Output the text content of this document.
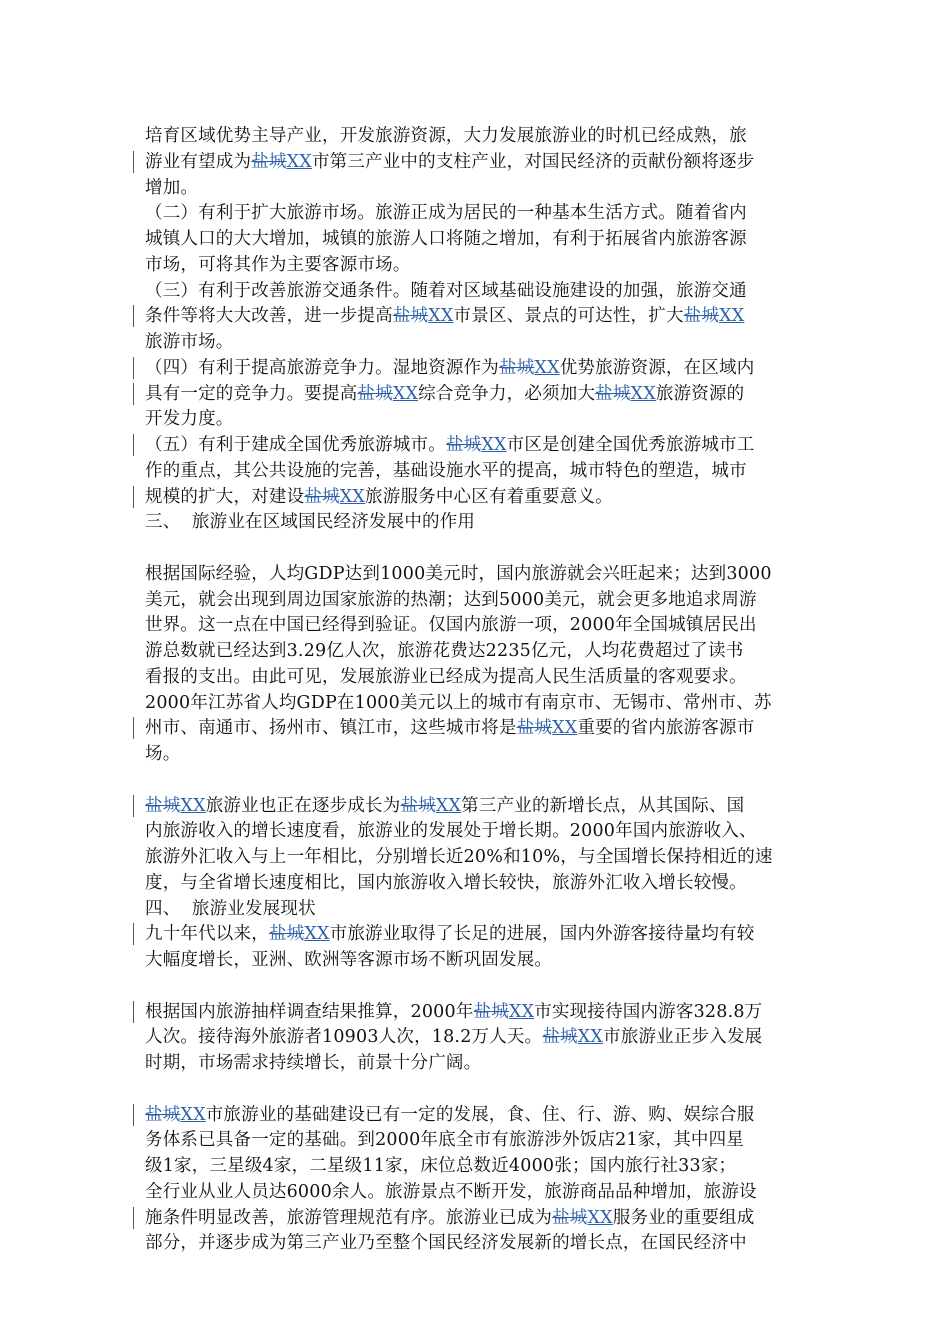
培育区域优势主导产业，开发旅游资源，大力发展旅游业的时机已经成熟，旅
游业有望成为盐城XX市第三产业中的支柱产业，对国民经济的贡献份额将逐步
增加。
（二）有利于扩大旅游市场。旅游正成为居民的一种基本生活方式。随着省内
城镇人口的大大增加，城镇的旅游人口将随之增加，有利于拓展省内旅游客源
市场，可将其作为主要客源市场。
（三）有利于改善旅游交通条件。随着对区域基础设施建设的加强，旅游交通
条件等将大大改善，进一步提高盐城XX市景区、景点的可达性，扩大盐城XX
旅游市场。
（四）有利于提高旅游竞争力。湿地资源作为盐城XX优势旅游资源，在区域内
具有一定的竞争力。要提高盐城XX综合竞争力，必须加大盐城XX旅游资源的
开发力度。
（五）有利于建成全国优秀旅游城市。盐城XX市区是创建全国优秀旅游城市工
作的重点，其公共设施的完善，基础设施水平的提高，城市特色的塑造，城市
规模的扩大，对建设盐城XX旅游服务中心区有着重要意义。
三、  旅游业在区域国民经济发展中的作用
根据国际经验，人均GDP达到1000美元时，国内旅游就会兴旺起来；达到3000
美元，就会出现到周边国家旅游的热潮；达到5000美元，就会更多地追求周游
世界。这一点在中国已经得到验证。仅国内旅游一项，2000年全国城镇居民出
游总数就已经达到3.29亿人次，旅游花费达2235亿元，人均花费超过了读书
看报的支出。由此可见，发展旅游业已经成为提高人民生活质量的客观要求。
2000年江苏省人均GDP在1000美元以上的城市有南京市、无锡市、常州市、苏
州市、南通市、扬州市、镇江市，这些城市将是盐城XX重要的省内旅游客源市
场。
盐城XX旅游业也正在逐步成长为盐城XX第三产业的新增长点，从其国际、国
内旅游收入的增长速度看，旅游业的发展处于增长期。2000年国内旅游收入、
旅游外汇收入与上一年相比，分别增长近20%和10%，与全国增长保持相近的速
度，与全省增长速度相比，国内旅游收入增长较快，旅游外汇收入增长较慢。
四、  旅游业发展现状
九十年代以来，盐城XX市旅游业取得了长足的进展，国内外游客接待量均有较
大幅度增长，亚洲、欧洲等客源市场不断巩固发展。
根据国内旅游抽样调查结果推算，2000年盐城XX市实现接待国内游客328.8万
人次。接待海外旅游者10903人次，18.2万人天。盐城XX市旅游业正步入发展
时期，市场需求持续增长，前景十分广阔。
盐城XX市旅游业的基础建设已有一定的发展，食、住、行、游、购、娱综合服
务体系已具备一定的基础。到2000年底全市有旅游涉外饭店21家，其中四星
级1家，三星级4家，二星级11家，床位总数近4000张；国内旅行社33家；
全行业从业人员达6000余人。旅游景点不断开发，旅游商品品种增加，旅游设
施条件明显改善，旅游管理规范有序。旅游业已成为盐城XX服务业的重要组成
部分，并逐步成为第三产业乃至整个国民经济发展新的增长点，在国民经济中
